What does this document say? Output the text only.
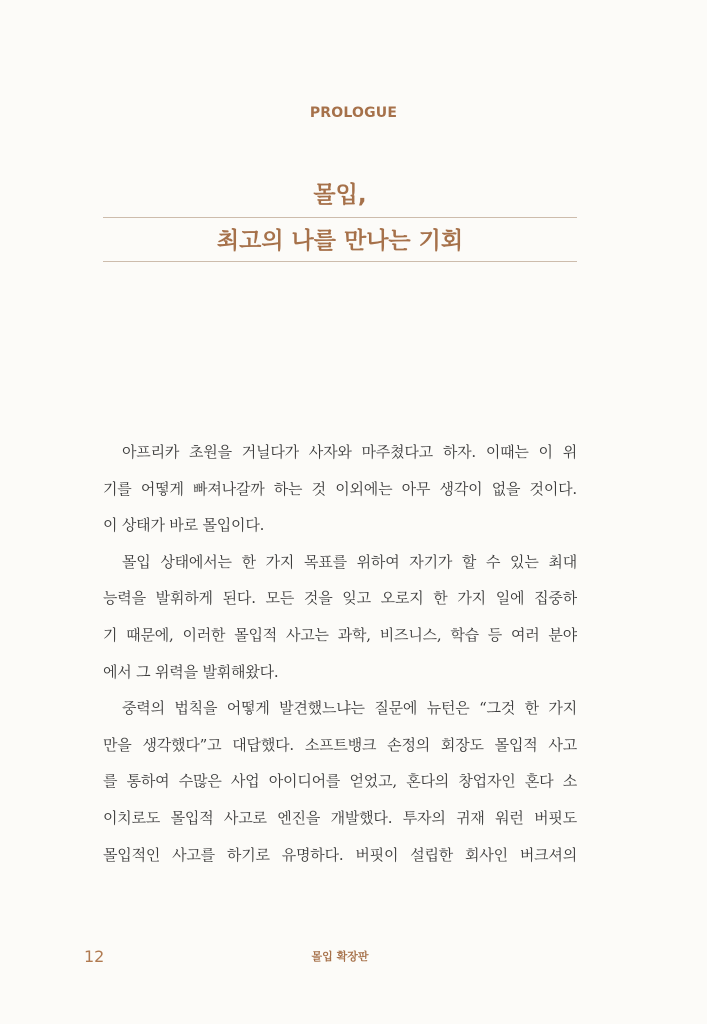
PROLOGUE
몰입,
최고의 나를 만나는 기회
아프리카 초원을 거닐다가 사자와 마주쳤다고 하자. 이때는 이 위
기를 어떻게 빠져나갈까 하는 것 이외에는 아무 생각이 없을 것이다.
이 상태가 바로 몰입이다.
몰입 상태에서는 한 가지 목표를 위하여 자기가 할 수 있는 최대
능력을 발휘하게 된다. 모든 것을 잊고 오로지 한 가지 일에 집중하
기 때문에, 이러한 몰입적 사고는 과학, 비즈니스, 학습 등 여러 분야
에서 그 위력을 발휘해왔다.
중력의 법칙을 어떻게 발견했느냐는 질문에 뉴턴은 “그것 한 가지
만을 생각했다”고 대답했다. 소프트뱅크 손정의 회장도 몰입적 사고
를 통하여 수많은 사업 아이디어를 얻었고, 혼다의 창업자인 혼다 소
이치로도 몰입적 사고로 엔진을 개발했다. 투자의 귀재 워런 버핏도
몰입적인 사고를 하기로 유명하다. 버핏이 설립한 회사인 버크셔의
12	몰입 확장판
